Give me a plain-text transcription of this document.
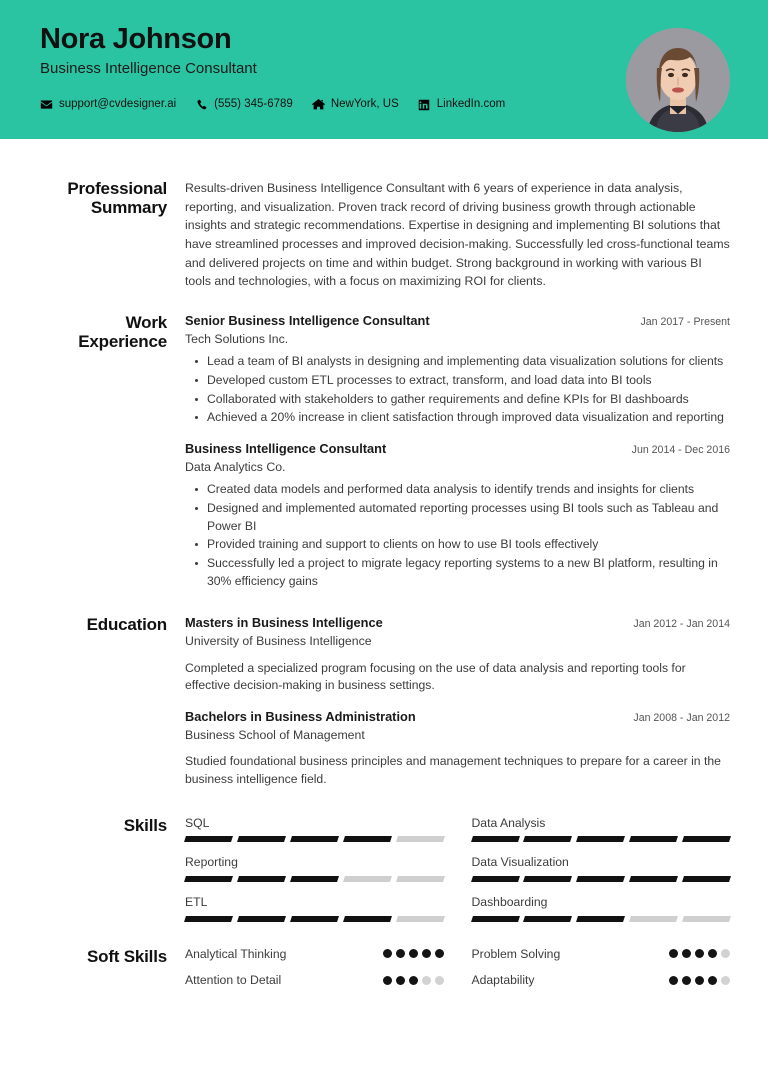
Nora Johnson
Business Intelligence Consultant
support@cvdesigner.ai	(555) 345-6789	NewYork, US	LinkedIn.com
Professional Summary

Results-driven Business Intelligence Consultant with 6 years of experience in data analysis, reporting, and visualization. Proven track record of driving business growth through actionable insights and strategic recommendations. Expertise in designing and implementing BI solutions that have streamlined processes and improved decision-making. Successfully led cross-functional teams and delivered projects on time and within budget. Strong background in working with various BI tools and technologies, with a focus on maximizing ROI for clients.

Work Experience
Senior Business Intelligence Consultant	Jan 2017 - Present
Tech Solutions Inc.
Lead a team of BI analysts in designing and implementing data visualization solutions for clients
Developed custom ETL processes to extract, transform, and load data into BI tools
Collaborated with stakeholders to gather requirements and define KPIs for BI dashboards
Achieved a 20% increase in client satisfaction through improved data visualization and reporting
Business Intelligence Consultant	Jun 2014 - Dec 2016
Data Analytics Co.
Created data models and performed data analysis to identify trends and insights for clients
Designed and implemented automated reporting processes using BI tools such as Tableau and Power BI
Provided training and support to clients on how to use BI tools effectively
Successfully led a project to migrate legacy reporting systems to a new BI platform, resulting in 30% efficiency gains
Education	Masters in Business Intelligence	Jan 2012 - Jan 2014
University of Business Intelligence
Completed a specialized program focusing on the use of data analysis and reporting tools for effective decision-making in business settings.
Bachelors in Business Administration	Jan 2008 - Jan 2012
Business School of Management
Studied foundational business principles and management techniques to prepare for a career in the business intelligence field.
Skills	SQL	Data Analysis
Reporting	Data Visualization
ETL	Dashboarding
Soft Skills	Analytical Thinking	Problem Solving
Attention to Detail	Adaptability
